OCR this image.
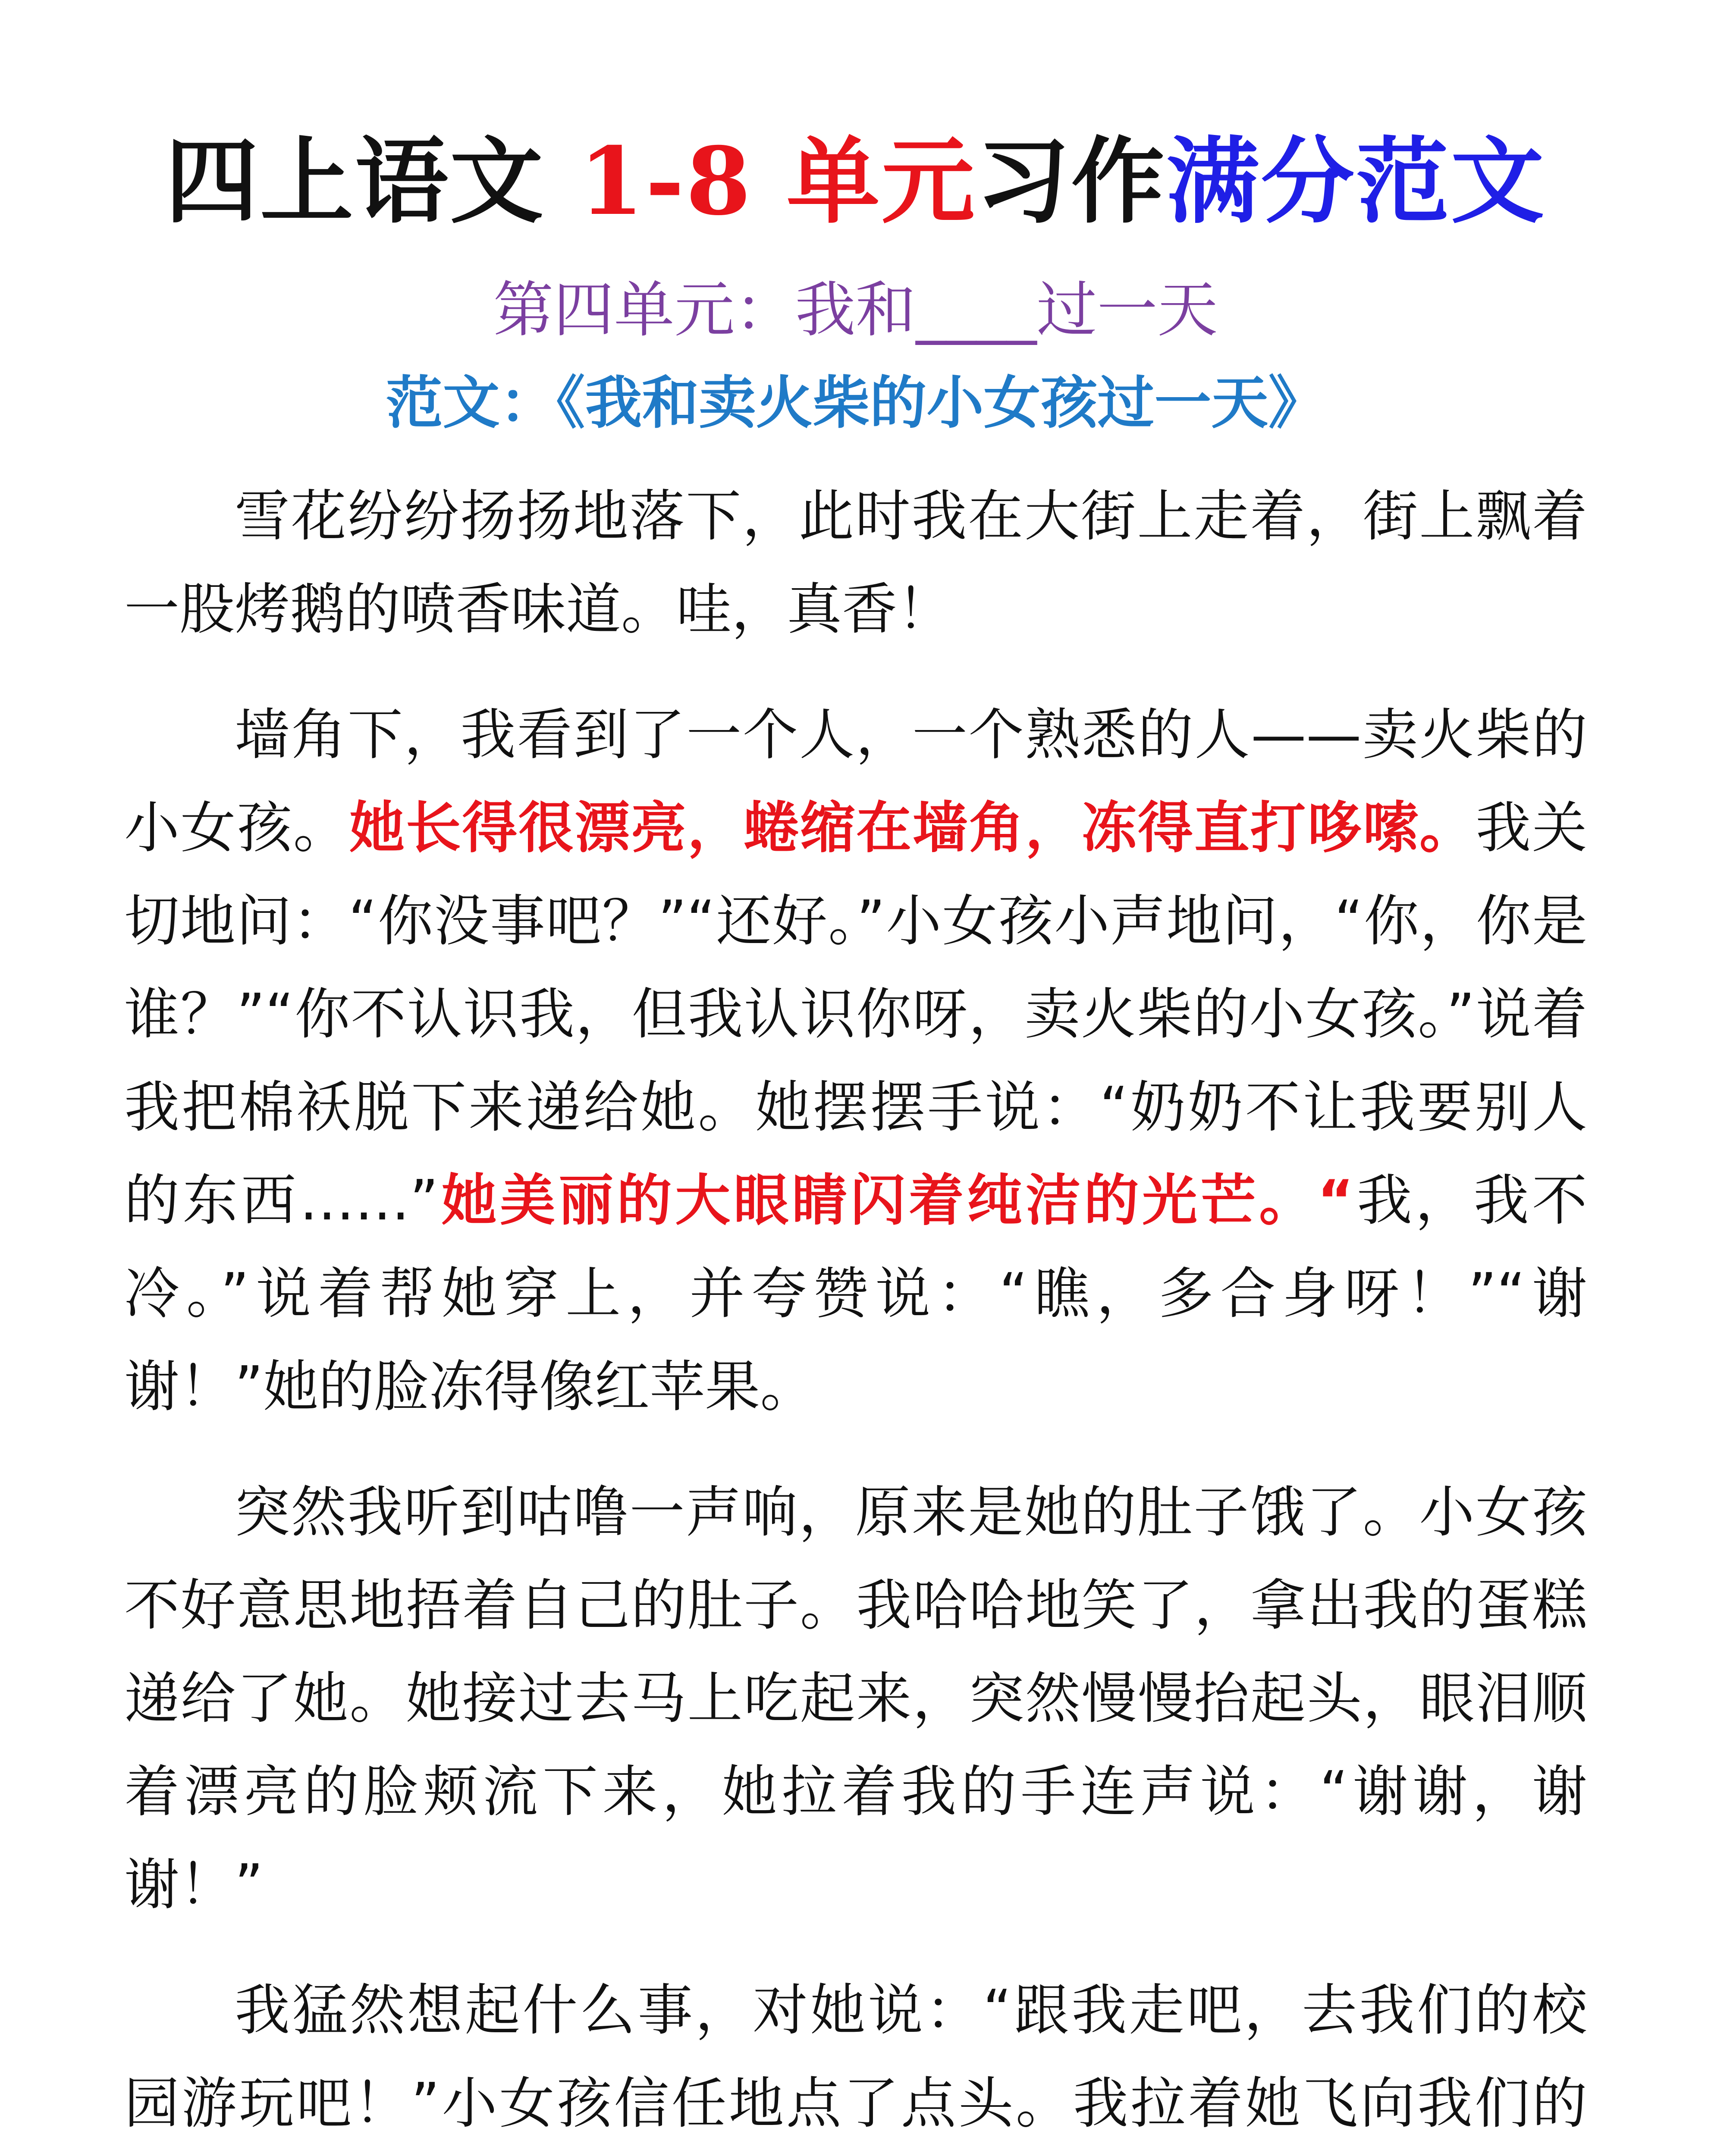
四上语文 1-8 单元习作满分范文
第四单元：我和____过一天
范文：《我和卖火柴的小女孩过一天》

雪花纷纷扬扬地落下，此时我在大街上走着，街上飘着一股烤鹅的喷香味道。哇，真香！

墙角下，我看到了一个人，一个熟悉的人——卖火柴的小女孩。她长得很漂亮，蜷缩在墙角，冻得直打哆嗦。我关切地问：“你没事吧？”“还好。”小女孩小声地问，“你，你是谁？”“你不认识我，但我认识你呀，卖火柴的小女孩。”说着我把棉袄脱下来递给她。她摆摆手说：“奶奶不让我要别人的东西……”她美丽的大眼睛闪着纯洁的光芒。“我，我不冷。”说着帮她穿上，并夸赞说：“瞧，多合身呀！”“谢谢！”她的脸冻得像红苹果。

突然我听到咕噜一声响，原来是她的肚子饿了。小女孩不好意思地捂着自己的肚子。我哈哈地笑了，拿出我的蛋糕递给了她。她接过去马上吃起来，突然慢慢抬起头，眼泪顺着漂亮的脸颊流下来，她拉着我的手连声说：“谢谢，谢谢！”

我猛然想起什么事，对她说：“跟我走吧，去我们的校园游玩吧！”小女孩信任地点了点头。我拉着她飞向我们的
